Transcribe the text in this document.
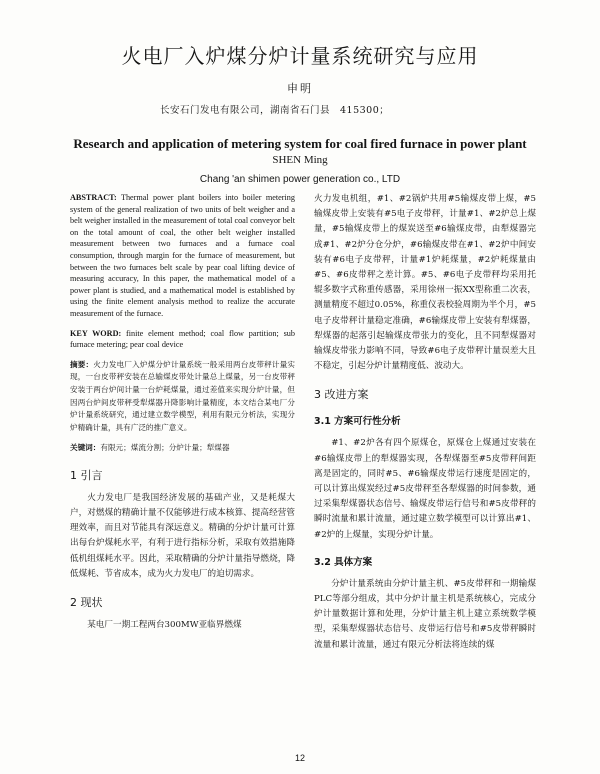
火电厂入炉煤分炉计量系统研究与应用
申明
长安石门发电有限公司，湖南省石门县　415300；
Research and application of metering system for coal fired furnace in power plant
SHEN Ming
Chang 'an shimen power generation co., LTD

ABSTRACT: Thermal power plant boilers into boiler metering system of the general realization of two units of belt weigher and a belt weigher installed in the measurement of total coal conveyor belt on the total amount of coal, the other belt weigher installed measurement between two furnaces and a furnace coal consumption, through margin for the furnace of measurement, but between the two furnaces belt scale by pear coal lifting device of measuring accuracy, In this paper, the mathematical model of a power plant is studied, and a mathematical model is established by using the finite element analysis method to realize the accurate measurement of the furnace.

KEY WORD: finite element method; coal flow partition; sub furnace metering; pear coal device

摘要：火力发电厂入炉煤分炉计量系统一般采用两台皮带秤计量实现，一台皮带秤安装在总输煤皮带处计量总上煤量，另一台皮带秤安装于两台炉间计量一台炉耗煤量，通过差值来实现分炉计量，但因两台炉间皮带秤受犁煤器升降影响计量精度，本文结合某电厂分炉计量系统研究，通过建立数学模型，利用有限元分析法，实现分炉精确计量，具有广泛的推广意义。

关键词：有限元；煤流分割；分炉计量；犁煤器

1 引言

火力发电厂是我国经济发展的基础产业，又是耗煤大户，对燃煤的精确计量不仅能够进行成本核算、提高经营管理效率，而且对节能具有深远意义。精确的分炉计量可计算出每台炉煤耗水平，有利于进行指标分析，采取有效措施降低机组煤耗水平。因此，采取精确的分炉计量指导燃烧，降低煤耗、节省成本，成为火力发电厂的迫切需求。

2 现状

某电厂一期工程两台300MW亚临界燃煤

火力发电机组，#1、#2锅炉共用#5输煤皮带上煤，#5输煤皮带上安装有#5电子皮带秤，计量#1、#2炉总上煤量，#5输煤皮带上的煤炭送至#6输煤皮带，由犁煤器完成#1、#2炉分仓分炉，#6输煤皮带在#1、#2炉中间安装有#6电子皮带秤，计量#1炉耗煤量，#2炉耗煤量由#5、#6皮带秤之差计算。#5、#6电子皮带秤均采用托辊多数字式称重传感器，采用徐州一振XX型称重二次表，测量精度不超过0.05%，称重仪表校验周期为半个月，#5电子皮带秤计量稳定准确，#6输煤皮带上安装有犁煤器，犁煤器的起落引起输煤皮带张力的变化，且不同犁煤器对输煤皮带张力影响不同，导致#6电子皮带秤计量误差大且不稳定，引起分炉计量精度低、波动大。

3 改进方案
3.1 方案可行性分析

#1、#2炉各有四个原煤仓，原煤仓上煤通过安装在#6输煤皮带上的犁煤器实现，各犁煤器至#5皮带秤间距离是固定的，同时#5、#6输煤皮带运行速度是固定的，可以计算出煤炭经过#5皮带秤至各犁煤器的时间参数，通过采集犁煤器状态信号、输煤皮带运行信号和#5皮带秤的瞬时流量和累计流量，通过建立数学模型可以计算出#1、#2炉的上煤量，实现分炉计量。

3.2 具体方案

分炉计量系统由分炉计量主机、#5皮带秤和一期输煤PLC等部分组成，其中分炉计量主机是系统核心，完成分炉计量数据计算和处理，分炉计量主机上建立系统数学模型，采集犁煤器状态信号、皮带运行信号和#5皮带秤瞬时流量和累计流量，通过有限元分析法将连续的煤

12
